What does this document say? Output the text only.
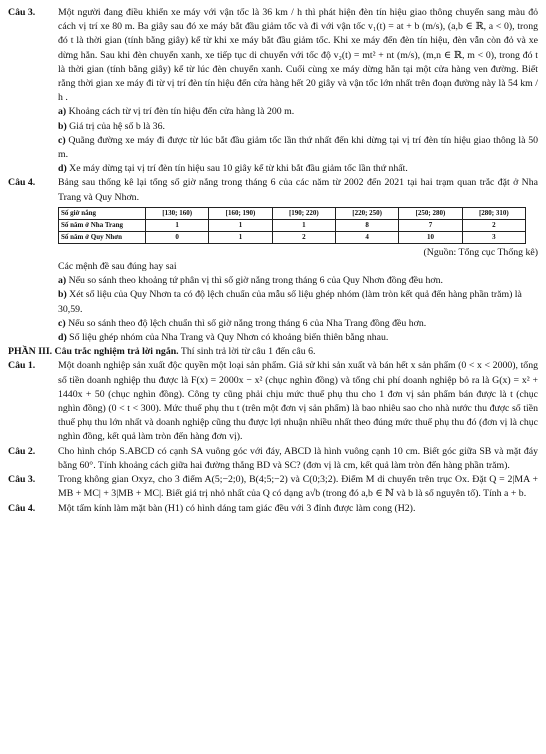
Câu 3.	Một người đang điều khiển xe máy với vận tốc là 36 km / h thì phát hiện đèn tín hiệu giao thông chuyển sang màu đỏ cách vị trí xe 80 m. Ba giây sau đó xe máy bắt đầu giảm tốc và đi với vận tốc v₁(t) = at + b (m/s), (a,b ∈ ℝ, a < 0), trong đó t là thời gian (tính bằng giây) kể từ khi xe máy bắt đầu giảm tốc. Khi xe máy đến đèn tín hiệu, đèn vẫn còn đỏ và xe dừng hẳn. Sau khi đèn chuyển xanh, xe tiếp tục di chuyển với tốc độ v₂(t) = mt² + nt (m/s), (m,n ∈ ℝ, m < 0), trong đó t là thời gian (tính bằng giây) kể từ lúc đèn chuyển xanh. Cuối cùng xe máy dừng hẳn tại một cửa hàng ven đường. Biết rằng thời gian xe máy đi từ vị trí đèn tín hiệu đến cửa hàng hết 20 giây và vận tốc lớn nhất trên đoạn đường này là 54 km / h .

a) Khoảng cách từ vị trí đèn tín hiệu đến cửa hàng là 200 m.

b) Giá trị của hệ số b là 36.

c) Quãng đường xe máy đi được từ lúc bắt đầu giảm tốc lần thứ nhất đến khi dừng tại vị trí đèn tín hiệu giao thông là 50 m.

d) Xe máy dừng tại vị trí đèn tín hiệu sau 10 giây kể từ khi bắt đầu giảm tốc lần thứ nhất.

Câu 4.	Bảng sau thống kê lại tổng số giờ nắng trong tháng 6 của các năm từ 2002 đến 2021 tại hai trạm quan trắc đặt ở Nha Trang và Quy Nhơn.

Số giờ nắng	[130; 160)	[160; 190)	[190; 220)	[220; 250)	[250; 280)	[280; 310)
Số năm ở Nha Trang	1	1	1	8	7	2
Số năm ở Quy Nhơn	0	1	2	4	10	3

(Nguồn: Tổng cục Thống kê)

Các mệnh đề sau đúng hay sai

a) Nếu so sánh theo khoảng tứ phân vị thì số giờ nắng trong tháng 6 của Quy Nhơn đồng đều hơn.

b) Xét số liệu của Quy Nhơn ta có độ lệch chuẩn của mẫu số liệu ghép nhóm (làm tròn kết quả đến hàng phần trăm) là 30,59.

c) Nếu so sánh theo độ lệch chuẩn thì số giờ nắng trong tháng 6 của Nha Trang đồng đều hơn.

d) Số liệu ghép nhóm của Nha Trang và Quy Nhơn có khoảng biến thiên bằng nhau.

PHẦN III. Câu trắc nghiệm trả lời ngắn. Thí sinh trả lời từ câu 1 đến câu 6.

Câu 1.	Một doanh nghiệp sản xuất độc quyền một loại sản phẩm. Giả sử khi sản xuất và bán hết x sản phẩm (0 < x < 2000), tổng số tiền doanh nghiệp thu được là F(x) = 2000x − x² (chục nghìn đồng) và tổng chi phí doanh nghiệp bỏ ra là G(x) = x² + 1440x + 50 (chục nghìn đồng). Công ty cũng phải chịu mức thuế phụ thu cho 1 đơn vị sản phẩm bán được là t (chục nghìn đồng) (0 < t < 300). Mức thuế phụ thu t (trên một đơn vị sản phẩm) là bao nhiêu sao cho nhà nước thu được số tiền thuế phụ thu lớn nhất và doanh nghiệp cũng thu được lợi nhuận nhiều nhất theo đúng mức thuế phụ thu đó (đơn vị là chục nghìn đồng, kết quả làm tròn đến hàng đơn vị).
Câu 2.	Cho hình chóp S.ABCD có cạnh SA vuông góc với đáy, ABCD là hình vuông cạnh 10 cm. Biết góc giữa SB và mặt đáy bằng 60°. Tính khoảng cách giữa hai đường thẳng BD và SC? (đơn vị là cm, kết quả làm tròn đến hàng phần trăm).
Câu 3.	Trong không gian Oxyz, cho 3 điểm A(5;−2;0), B(4;5;−2) và C(0;3;2). Điểm M di chuyển trên trục Ox. Đặt Q = 2|MA + MB + MC| + 3|MB + MC|. Biết giá trị nhỏ nhất của Q có dạng a√b (trong đó a,b ∈ ℕ và b là số nguyên tố). Tính a + b.
Câu 4.	Một tấm kính làm mặt bàn (H1) có hình dáng tam giác đều với 3 đỉnh được làm cong (H2).
